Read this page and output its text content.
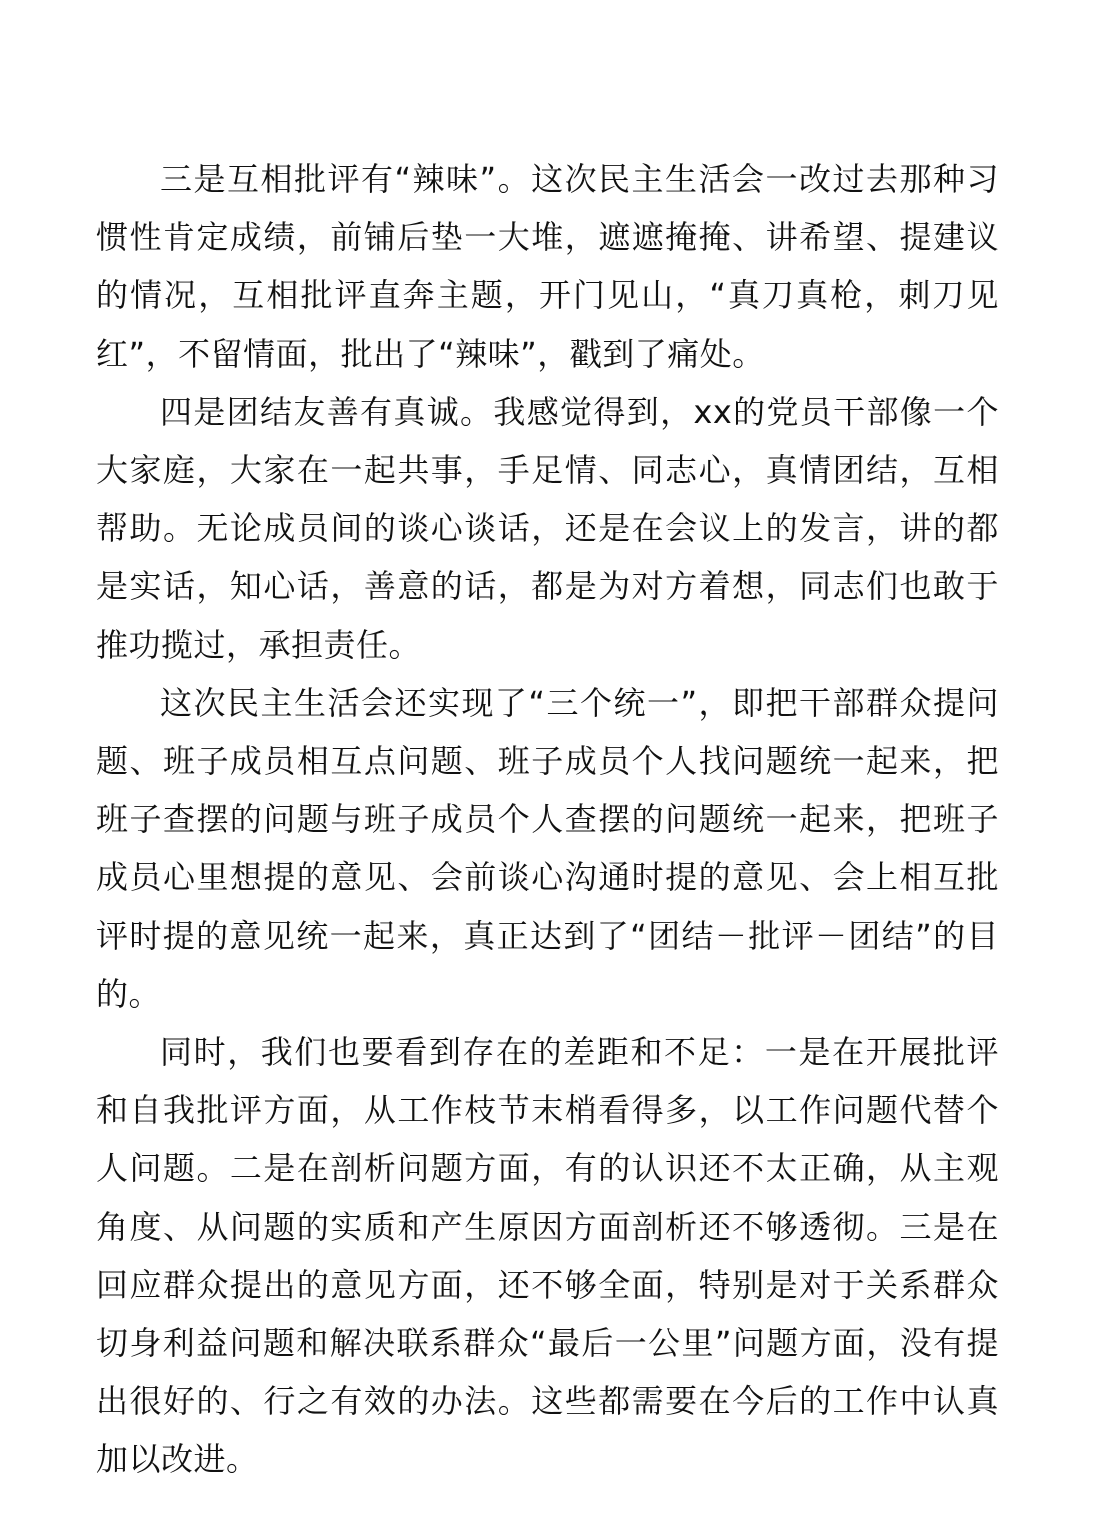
三是互相批评有“辣味”。这次民主生活会一改过去那种习惯性肯定成绩，前铺后垫一大堆，遮遮掩掩、讲希望、提建议的情况，互相批评直奔主题，开门见山，“真刀真枪，刺刀见红”，不留情面，批出了“辣味”，戳到了痛处。

四是团结友善有真诚。我感觉得到，xx的党员干部像一个大家庭，大家在一起共事，手足情、同志心，真情团结，互相帮助。无论成员间的谈心谈话，还是在会议上的发言，讲的都是实话，知心话，善意的话，都是为对方着想，同志们也敢于推功揽过，承担责任。

这次民主生活会还实现了“三个统一”，即把干部群众提问题、班子成员相互点问题、班子成员个人找问题统一起来，把班子查摆的问题与班子成员个人查摆的问题统一起来，把班子成员心里想提的意见、会前谈心沟通时提的意见、会上相互批评时提的意见统一起来，真正达到了“团结－批评－团结”的目的。

同时，我们也要看到存在的差距和不足：一是在开展批评和自我批评方面，从工作枝节末梢看得多，以工作问题代替个人问题。二是在剖析问题方面，有的认识还不太正确，从主观角度、从问题的实质和产生原因方面剖析还不够透彻。三是在回应群众提出的意见方面，还不够全面，特别是对于关系群众切身利益问题和解决联系群众“最后一公里”问题方面，没有提出很好的、行之有效的办法。这些都需要在今后的工作中认真加以改进。
